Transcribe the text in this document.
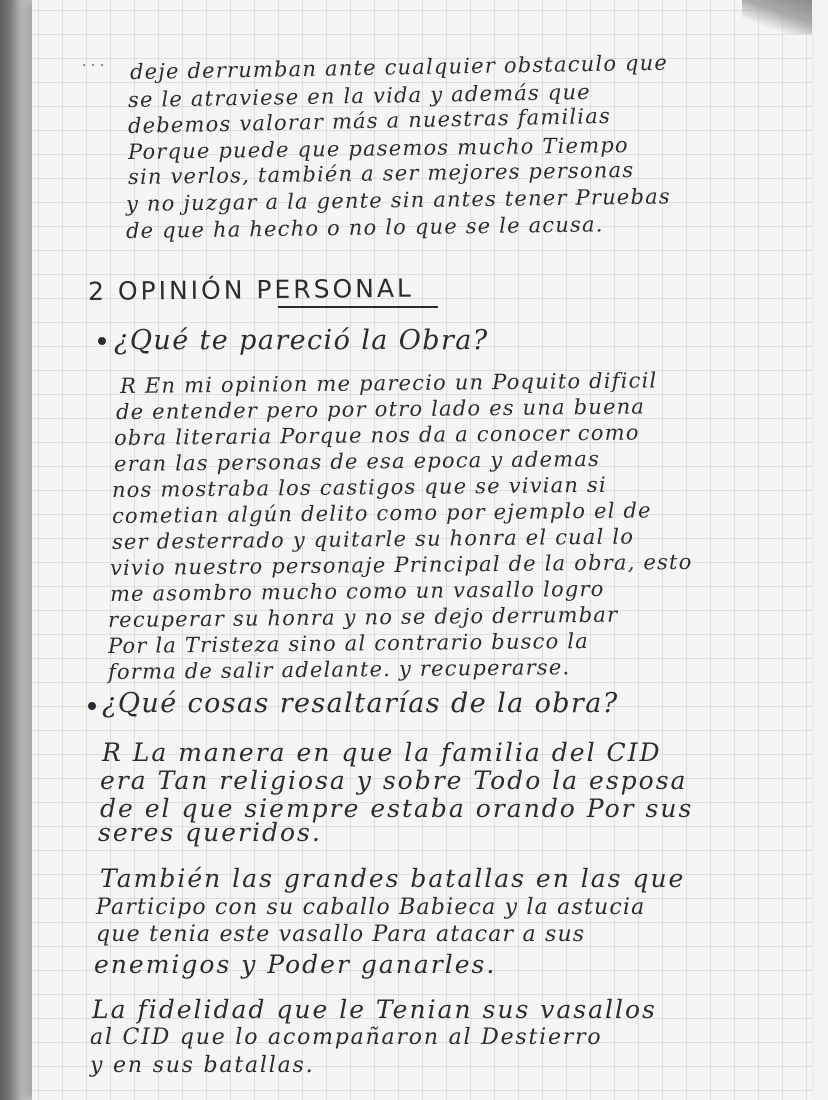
· · · deje derrumban ante cualquier obstaculo que
se le atraviese en la vida y además que
debemos valorar más a nuestras familias
Porque puede que pasemos mucho Tiempo
sin verlos, también a ser mejores personas
y no juzgar a la gente sin antes tener Pruebas
de que ha hecho o no lo que se le acusa.
2 OPINIÓN PERSONAL
¿Qué te pareció la Obra?
R En mi opinion me parecio un Poquito dificil
de entender pero por otro lado es una buena
obra literaria Porque nos da a conocer como
eran las personas de esa epoca y ademas
nos mostraba los castigos que se vivian si
cometian algún delito como por ejemplo el de
ser desterrado y quitarle su honra el cual lo
vivio nuestro personaje Principal de la obra, esto
me asombro mucho como un vasallo logro
recuperar su honra y no se dejo derrumbar
Por la Tristeza sino al contrario busco la
forma de salir adelante. y recuperarse.
¿Qué cosas resaltarías de la obra?
R La manera en que la familia del CID
era Tan religiosa y sobre Todo la esposa
de el que siempre estaba orando Por sus
seres queridos.
También las grandes batallas en las que
Participo con su caballo Babieca y la astucia
que tenia este vasallo Para atacar a sus
enemigos y Poder ganarles.
La fidelidad que le Tenian sus vasallos
al CID que lo acompañaron al Destierro
y en sus batallas.
